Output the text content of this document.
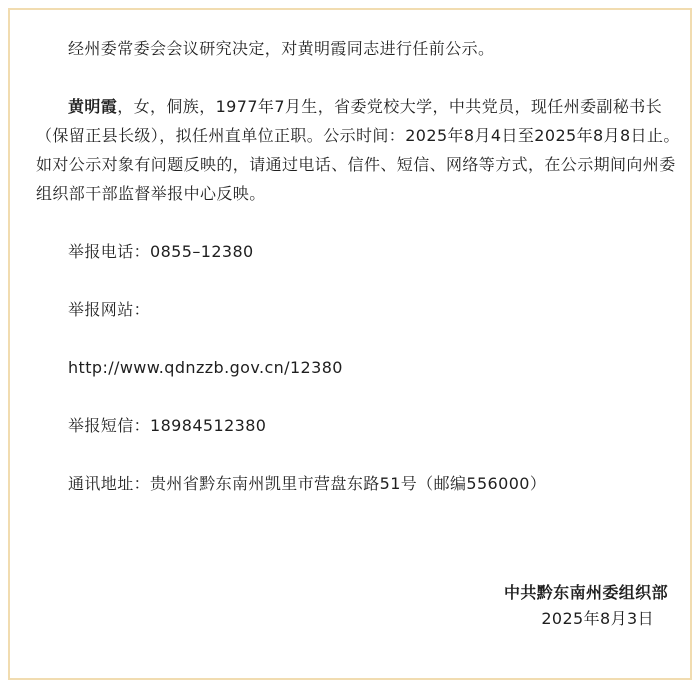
经州委常委会会议研究决定，对黄明霞同志进行任前公示。

黄明霞，女，侗族，1977年7月生，省委党校大学，中共党员，现任州委副秘书长（保留正县长级），拟任州直单位正职。公示时间：2025年8月4日至2025年8月8日止。如对公示对象有问题反映的，请通过电话、信件、短信、网络等方式，在公示期间向州委组织部干部监督举报中心反映。

举报电话：0855–12380

举报网站：

http://www.qdnzzb.gov.cn/12380

举报短信：18984512380

通讯地址：贵州省黔东南州凯里市营盘东路51号（邮编556000）

中共黔东南州委组织部
2025年8月3日
